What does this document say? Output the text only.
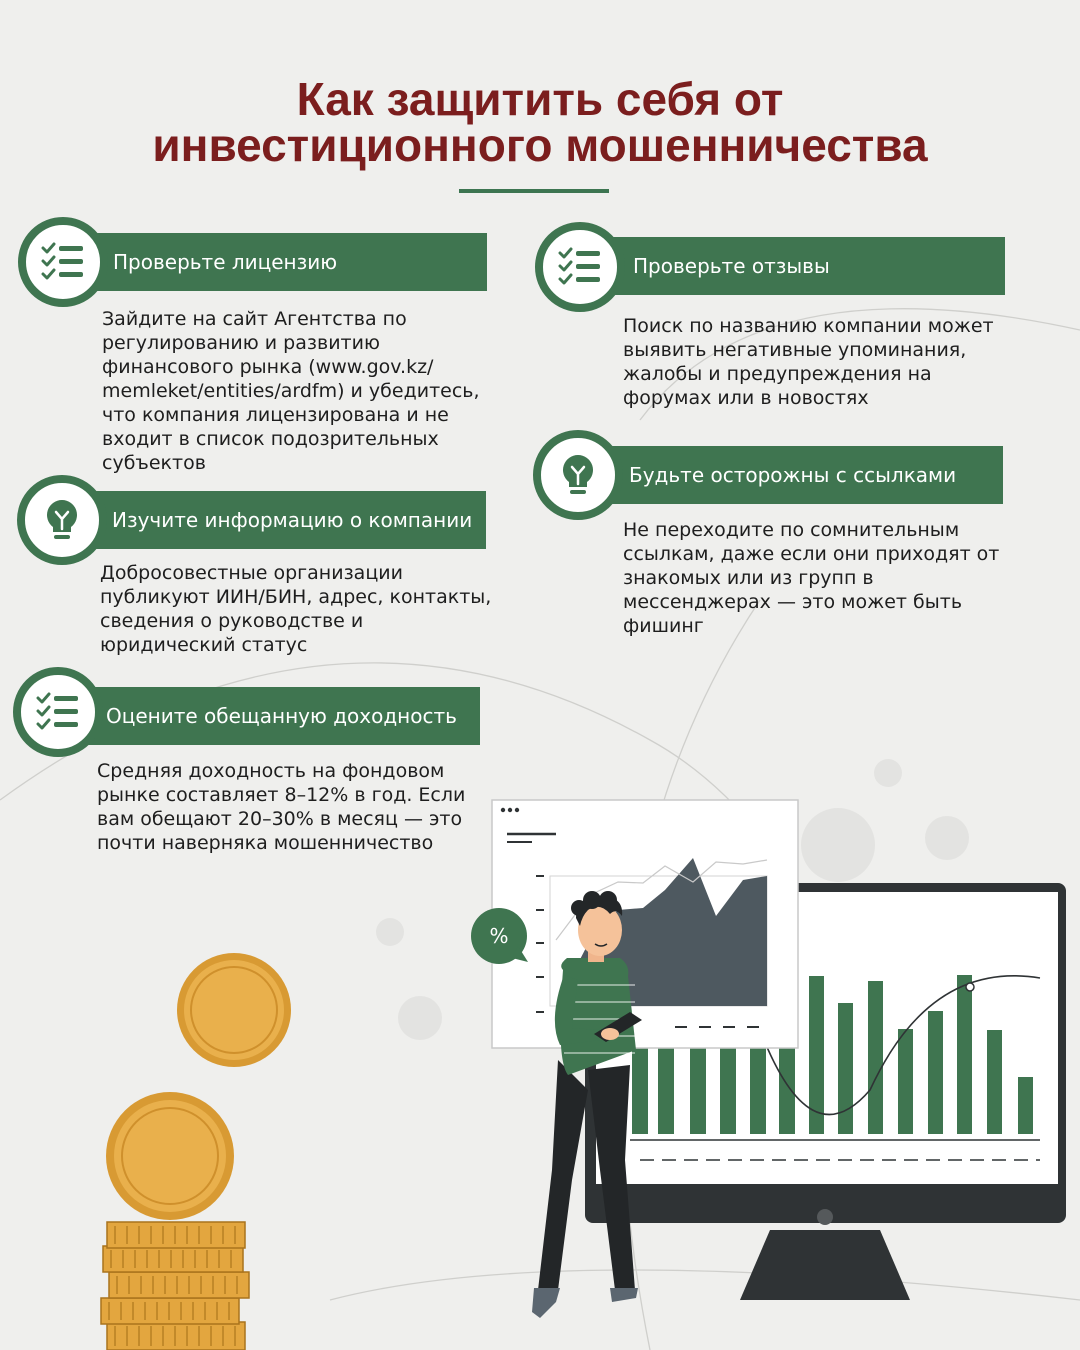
Как защитить себя от
инвестиционного мошенничества
Проверьте лицензию

Зайдите на сайт Агентства по
регулированию и развитию
финансового рынка (www.gov.kz/
memleket/entities/ardfm) и убедитесь,
что компания лицензирована и не
входит в список подозрительных
субъектов

Изучите информацию о компании

Добросовестные организации
публикуют ИИН/БИН, адрес, контакты,
сведения о руководстве и
юридический статус

Оцените обещанную доходность

Средняя доходность на фондовом
рынке составляет 8–12% в год. Если
вам обещают 20–30% в месяц — это
почти наверняка мошенничество

Проверьте отзывы

Поиск по названию компании может
выявить негативные упоминания,
жалобы и предупреждения на
форумах или в новостях

Будьте осторожны с ссылками

Не переходите по сомнительным
ссылкам, даже если они приходят от
знакомых или из групп в
мессенджерах — это может быть
фишинг

%
